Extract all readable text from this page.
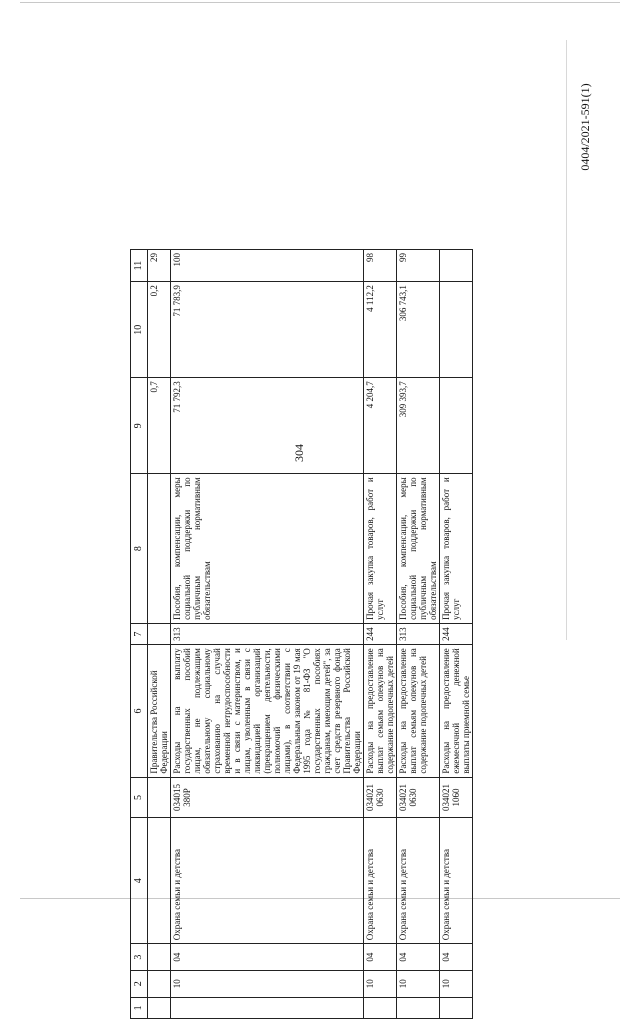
304
0404/2021-591(1)
1	2	3	4	5	6	7	8	9	10	11
					Правительства Российской Федерации			0,7	0,2	29
	10	04	Охрана семьи и детства	034015 380Р	Расходы на выплату государственных пособий лицам, не подлежащим обязательному социальному страхованию на случай временной нетрудоспособности и в связи с материнством, и лицам, уволенным в связи с ликвидацией организаций (прекращением деятельности, полномочий физическими лицами), в соответствии с Федеральным законом от 19 мая 1995 года № 81-ФЗ "О государственных пособиях гражданам, имеющим детей", за счет средств резервного фонда Правительства Российской Федерации	313	Пособия, компенсации, меры социальной поддержки по публичным нормативным обязательствам	71 792,3	71 783,9	100
	10	04	Охрана семьи и детства	034021 0630	Расходы на предоставление выплат семьям опекунов на содержание подопечных детей	244	Прочая закупка товаров, работ и услуг	4 204,7	4 112,2	98
	10	04	Охрана семьи и детства	034021 0630	Расходы на предоставление выплат семьям опекунов на содержание подопечных детей	313	Пособия, компенсации, меры социальной поддержки по публичным нормативным обязательствам	309 393,7	306 743,1	99
	10	04	Охрана семьи и детства	034021 1060	Расходы на предоставление ежемесячной денежной выплаты приемной семье	244	Прочая закупка товаров, работ и услуг			
